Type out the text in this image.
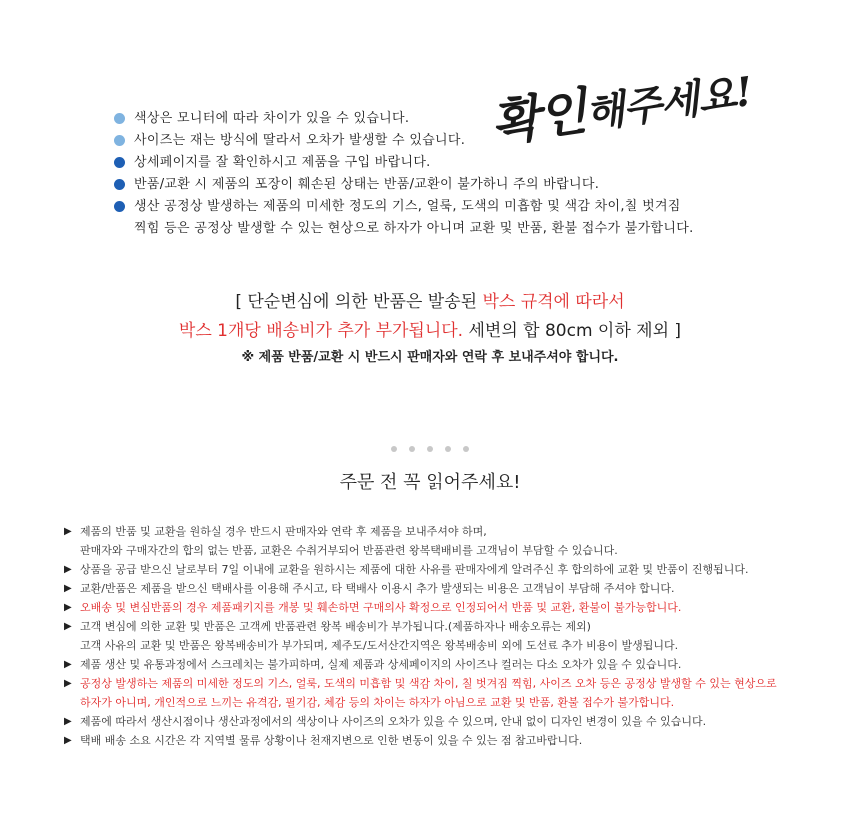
확인해주세요!
색상은 모니터에 따라 차이가 있을 수 있습니다.
사이즈는 재는 방식에 딸라서 오차가 발생할 수 있습니다.
상세페이지를 잘 확인하시고 제품을 구입 바랍니다.
반품/교환 시 제품의 포장이 훼손된 상태는 반품/교환이 불가하니 주의 바랍니다.
생산 공정상 발생하는 제품의 미세한 정도의 기스, 얼룩, 도색의 미흡함 및 색감 차이,칠 벗겨짐
찍힘 등은 공정상 발생할 수 있는 현상으로 하자가 아니며 교환 및 반품, 환불 접수가 불가합니다.
[ 단순변심에 의한 반품은 발송된 박스 규격에 따라서
박스 1개당 배송비가 추가 부가됩니다. 세변의 합 80cm 이하 제외 ]
※ 제품 반품/교환 시 반드시 판매자와 연락 후 보내주셔야 합니다.
주문 전 꼭 읽어주세요!
▶ 제품의 반품 및 교환을 원하실 경우 반드시 판매자와 연락 후 제품을 보내주셔야 하며,
판매자와 구매자간의 합의 없는 반품, 교환은 수취거부되어 반품관련 왕복택배비를 고객님이 부담할 수 있습니다.
▶ 상품을 공급 받으신 날로부터 7일 이내에 교환을 원하시는 제품에 대한 사유를 판매자에게 알려주신 후 합의하에 교환 및 반품이 진행됩니다.
▶ 교환/반품은 제품을 받으신 택배사를 이용해 주시고, 타 택배사 이용시 추가 발생되는 비용은 고객님이 부담해 주셔야 합니다.
▶ 오배송 및 변심반품의 경우 제품패키지를 개봉 및 훼손하면 구매의사 확정으로 인정되어서 반품 및 교환, 환불이 불가능합니다.
▶ 고객 변심에 의한 교환 및 반품은 고객께 반품관련 왕복 배송비가 부가됩니다.(제품하자나 배송오류는 제외)
고객 사유의 교환 및 반품은 왕복배송비가 부가되며, 제주도/도서산간지역은 왕복배송비 외에 도선료 추가 비용이 발생됩니다.
▶ 제품 생산 및 유통과정에서 스크레치는 불가피하며, 실제 제품과 상세페이지의 사이즈나 컬러는 다소 오차가 있을 수 있습니다.
▶ 공정상 발생하는 제품의 미세한 정도의 기스, 얼룩, 도색의 미흡함 및 색감 차이, 칠 벗겨짐 찍힘, 사이즈 오차 등은 공정상 발생할 수 있는 현상으로
하자가 아니며, 개인적으로 느끼는 유격감, 필기감, 체감 등의 차이는 하자가 아님으로 교환 및 반품, 환불 접수가 불가합니다.
▶ 제품에 따라서 생산시점이나 생산과정에서의 색상이나 사이즈의 오차가 있을 수 있으며, 안내 없이 디자인 변경이 있을 수 있습니다.
▶ 택배 배송 소요 시간은 각 지역별 물류 상황이나 천재지변으로 인한 변동이 있을 수 있는 점 참고바랍니다.
